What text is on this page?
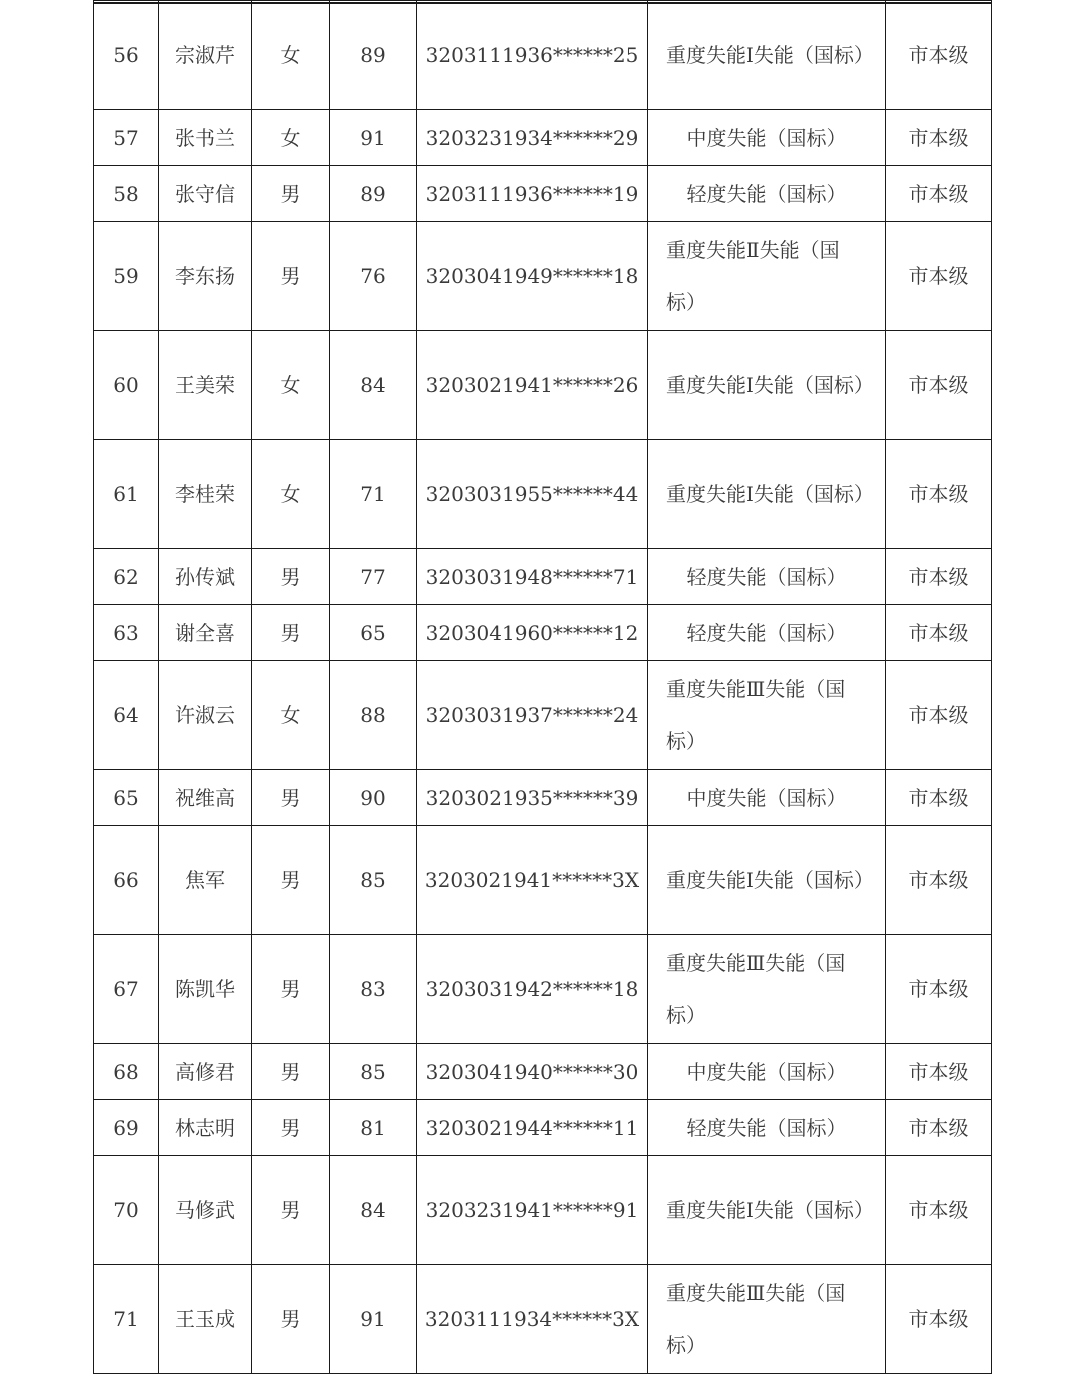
56	宗淑芹	女	89	3203111936******25	重度失能Ⅰ失能（国标）	市本级
57	张书兰	女	91	3203231934******29	中度失能（国标）	市本级
58	张守信	男	89	3203111936******19	轻度失能（国标）	市本级
59	李东扬	男	76	3203041949******18	重度失能Ⅱ失能（国标）	市本级
60	王美荣	女	84	3203021941******26	重度失能Ⅰ失能（国标）	市本级
61	李桂荣	女	71	3203031955******44	重度失能Ⅰ失能（国标）	市本级
62	孙传斌	男	77	3203031948******71	轻度失能（国标）	市本级
63	谢全喜	男	65	3203041960******12	轻度失能（国标）	市本级
64	许淑云	女	88	3203031937******24	重度失能Ⅲ失能（国标）	市本级
65	祝维高	男	90	3203021935******39	中度失能（国标）	市本级
66	焦军	男	85	3203021941******3X	重度失能Ⅰ失能（国标）	市本级
67	陈凯华	男	83	3203031942******18	重度失能Ⅲ失能（国标）	市本级
68	高修君	男	85	3203041940******30	中度失能（国标）	市本级
69	林志明	男	81	3203021944******11	轻度失能（国标）	市本级
70	马修武	男	84	3203231941******91	重度失能Ⅰ失能（国标）	市本级
71	王玉成	男	91	3203111934******3X	重度失能Ⅲ失能（国标）	市本级
